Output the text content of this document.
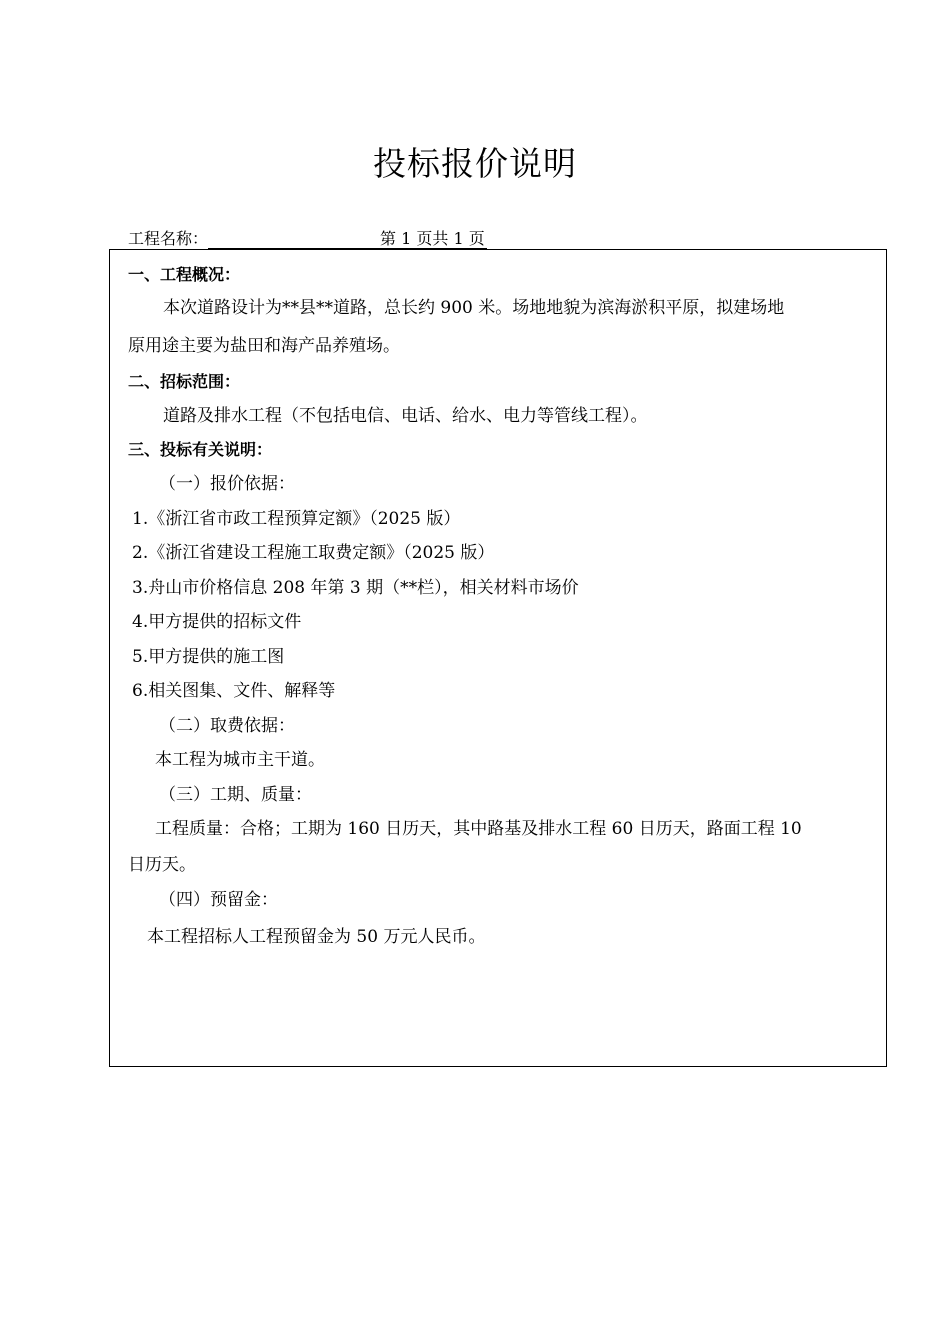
投标报价说明
工程名称：	第 1 页共 1 页
一、工程概况：
本次道路设计为**县**道路，总长约 900 米。场地地貌为滨海淤积平原，拟建场地
原用途主要为盐田和海产品养殖场。
二、招标范围：
道路及排水工程（不包括电信、电话、给水、电力等管线工程）。
三、投标有关说明：
（一）报价依据：
1.《浙江省市政工程预算定额》（2025 版）
2.《浙江省建设工程施工取费定额》（2025 版）
3.舟山市价格信息 208 年第 3 期（**栏），相关材料市场价
4.甲方提供的招标文件
5.甲方提供的施工图
6.相关图集、文件、解释等
（二）取费依据：
本工程为城市主干道。
（三）工期、质量：
工程质量：合格；工期为 160 日历天，其中路基及排水工程 60 日历天，路面工程 10
日历天。
（四）预留金：
本工程招标人工程预留金为 50 万元人民币。
